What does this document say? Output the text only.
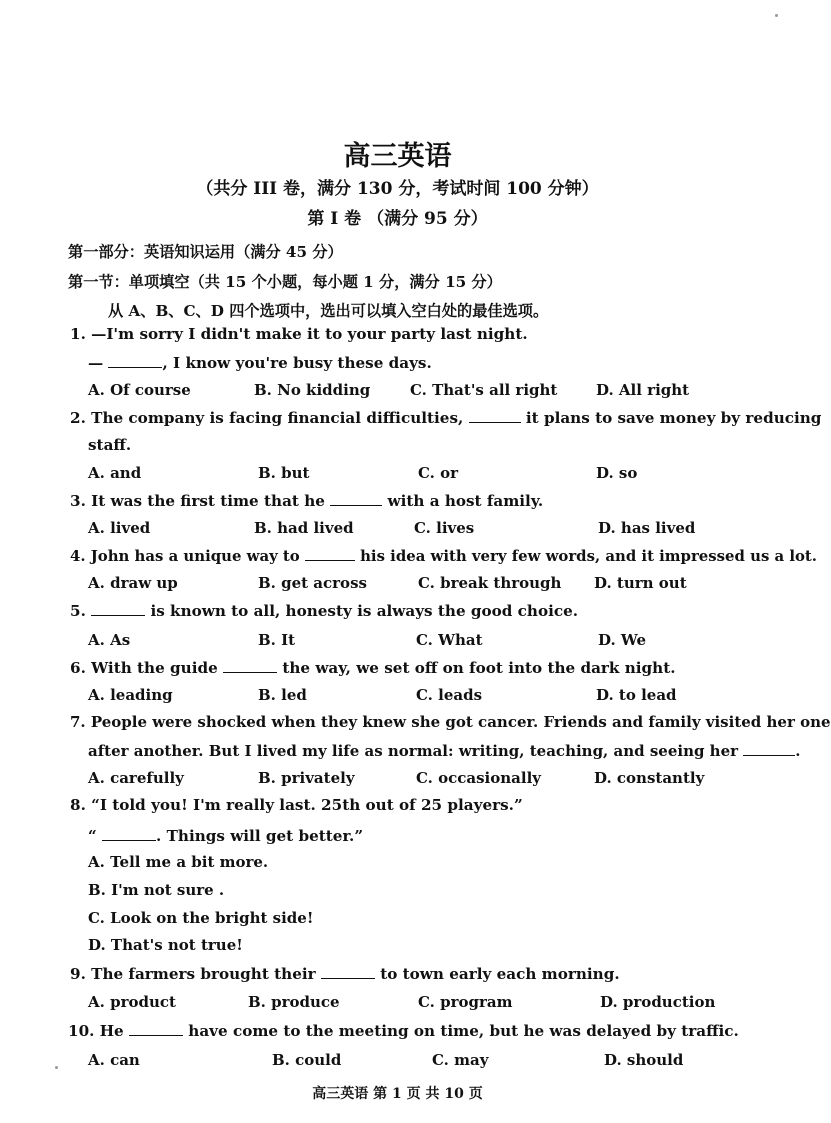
高三英语
（共分 III 卷，满分 130 分，考试时间 100 分钟）
第 I 卷 （满分 95 分）
第一部分：英语知识运用（满分 45 分）
第一节：单项填空（共 15 个小题，每小题 1 分，满分 15 分）
从 A、B、C、D 四个选项中，选出可以填入空白处的最佳选项。
1. —I'm sorry I didn't make it to your party last night.
—	, I know you're busy these days.
A. Of course	B. No kidding	C. That's all right	D. All right
2. The company is facing financial difficulties,	it plans to save money by reducing
staff.
A. and	B. but	C. or	D. so
3. It was the first time that he	with a host family.
A. lived	B. had lived	C. lives	D. has lived
4. John has a unique way to	his idea with very few words, and it impressed us a lot.
A. draw up	B. get across	C. break through D. turn out
5.	is known to all, honesty is always the good choice.
A. As	B. It	C. What	D. We
6. With the guide	the way, we set off on foot into the dark night.
A. leading	B. led	C. leads	D. to lead
7. People were shocked when they knew she got cancer. Friends and family visited her one
after another. But I lived my life as normal: writing, teaching, and seeing her	.
A. carefully	B. privately	C. occasionally	D. constantly
8. “I told you! I'm really last. 25th out of 25 players.”
“	. Things will get better.”
A. Tell me a bit more.
B. I'm not sure .
C. Look on the bright side!
D. That's not true!
9. The farmers brought their	to town early each morning.
A. product	B. produce	C. program	D. production
10. He	have come to the meeting on time, but he was delayed by traffic.
A. can	B. could	C. may	D. should
高三英语 第 1 页 共 10 页
